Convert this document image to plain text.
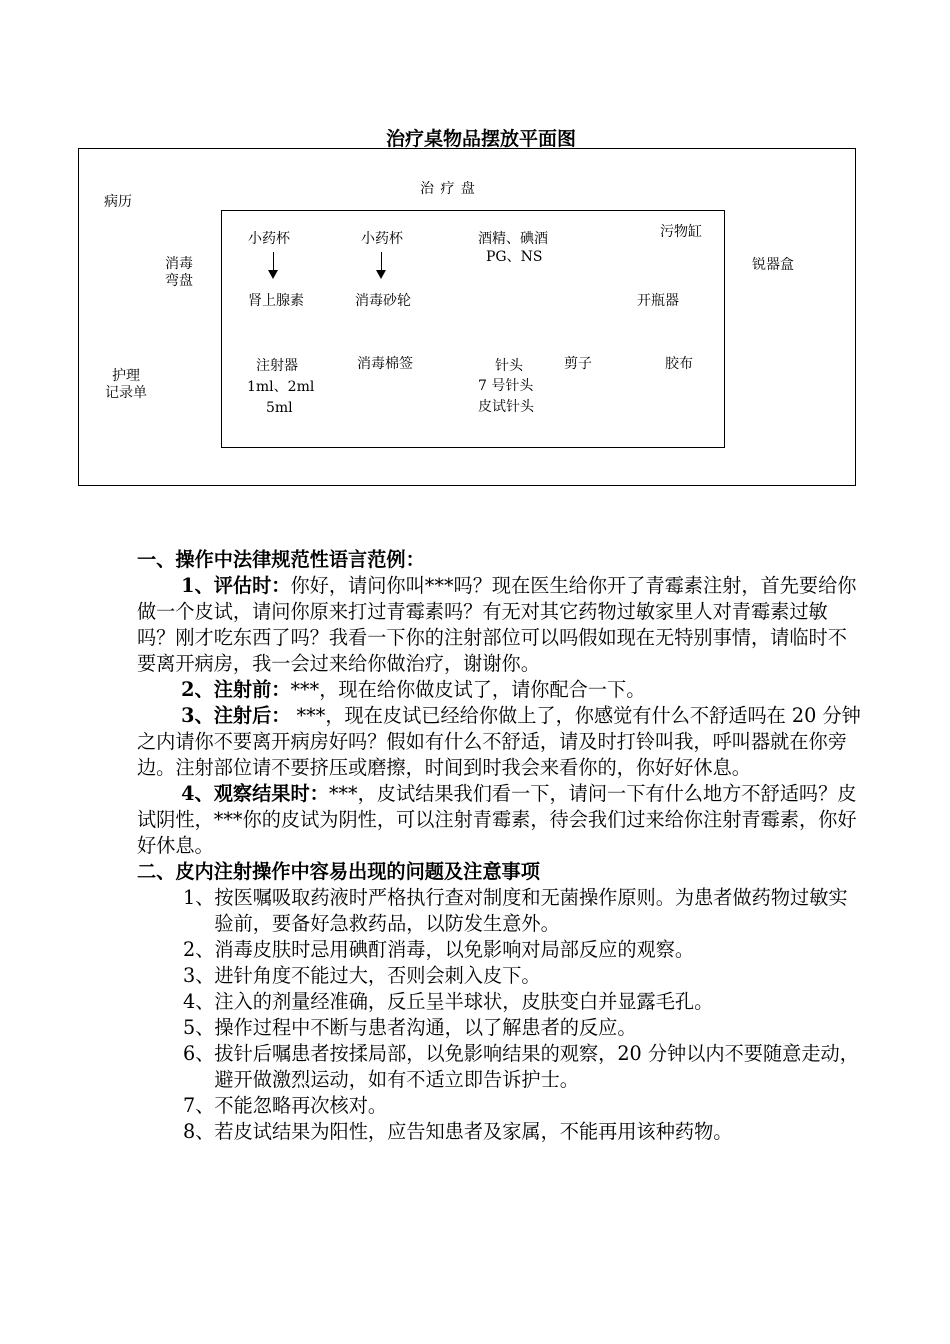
治疗桌物品摆放平面图
治 疗 盘
病历
消毒
弯盘
护理
记录单
锐器盒
小药杯	小药杯	酒精、碘酒
PG、NS
污物缸
肾上腺素	消毒砂轮	开瓶器
注射器
1ml、2ml
5ml
消毒棉签	针头
7 号针头
皮试针头
剪子	胶布

一、操作中法律规范性语言范例：

1、评估时：你好，请问你叫***吗？现在医生给你开了青霉素注射，首先要给你做一个皮试，请问你原来打过青霉素吗？有无对其它药物过敏家里人对青霉素过敏吗？刚才吃东西了吗？我看一下你的注射部位可以吗假如现在无特别事情，请临时不要离开病房，我一会过来给你做治疗，谢谢你。

2、注射前：***，现在给你做皮试了，请你配合一下。

3、注射后： ***，现在皮试已经给你做上了，你感觉有什么不舒适吗在 20 分钟之内请你不要离开病房好吗？假如有什么不舒适，请及时打铃叫我，呼叫器就在你旁边。注射部位请不要挤压或磨擦，时间到时我会来看你的，你好好休息。

4、观察结果时：***，皮试结果我们看一下，请问一下有什么地方不舒适吗？皮试阴性，***你的皮试为阴性，可以注射青霉素，待会我们过来给你注射青霉素，你好好休息。

二、皮内注射操作中容易出现的问题及注意事项

1、 按医嘱吸取药液时严格执行查对制度和无菌操作原则。为患者做药物过敏实验前，要备好急救药品，以防发生意外。
2、 消毒皮肤时忌用碘酊消毒，以免影响对局部反应的观察。
3、 进针角度不能过大，否则会刺入皮下。
4、 注入的剂量经准确，反丘呈半球状，皮肤变白并显露毛孔。
5、 操作过程中不断与患者沟通，以了解患者的反应。
6、 拔针后嘱患者按揉局部，以免影响结果的观察，20 分钟以内不要随意走动，避开做激烈运动，如有不适立即告诉护士。
7、 不能忽略再次核对。
8、 若皮试结果为阳性，应告知患者及家属，不能再用该种药物。
